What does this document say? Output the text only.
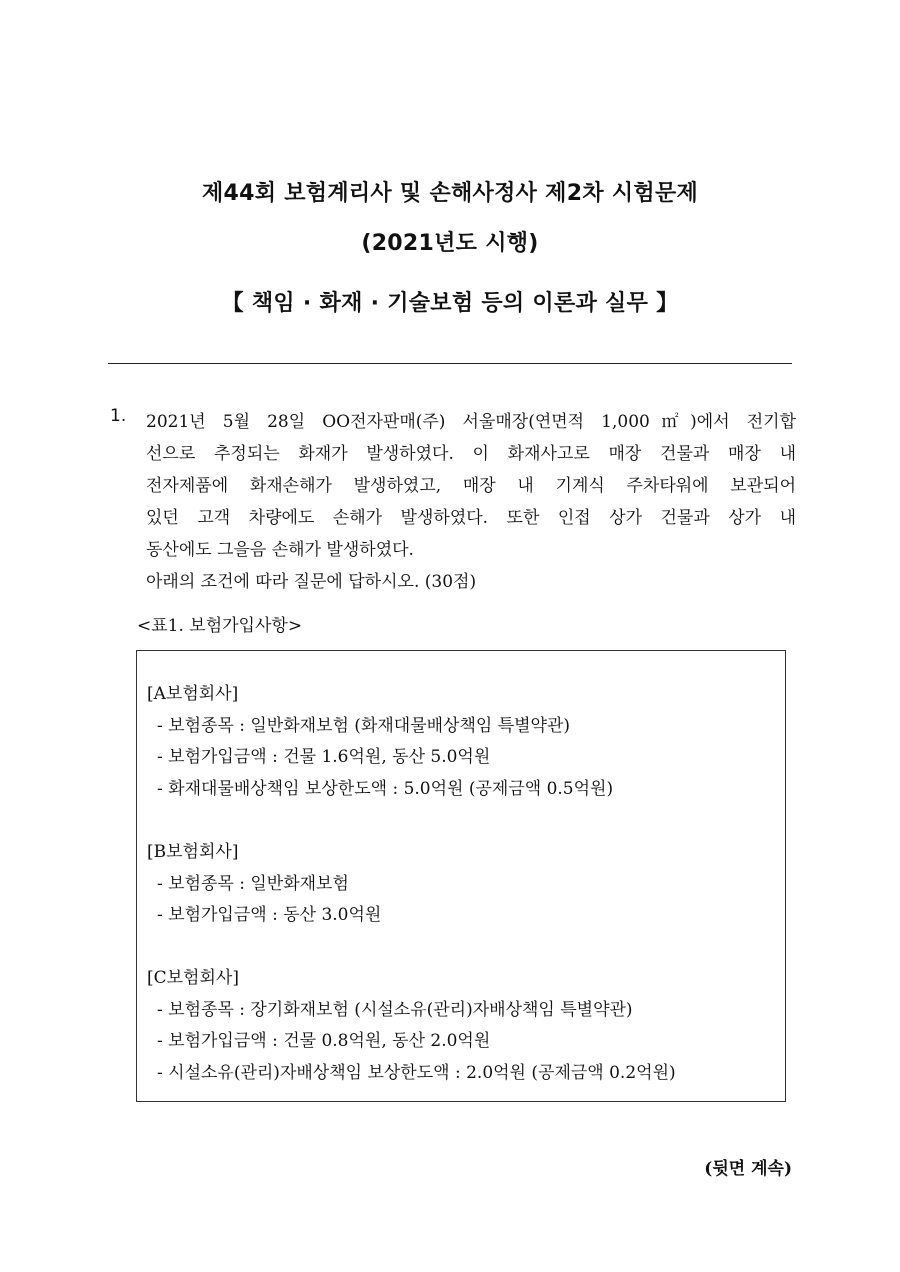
제44회 보험계리사 및 손해사정사 제2차 시험문제
(2021년도 시행)
【 책임 · 화재 · 기술보험 등의 이론과 실무 】
1. 2021년 5월 28일 OO전자판매(주) 서울매장(연면적 1,000㎡)에서 전기합
선으로 추정되는 화재가 발생하였다. 이 화재사고로 매장 건물과 매장 내
전자제품에 화재손해가 발생하였고, 매장 내 기계식 주차타워에 보관되어
있던 고객 차량에도 손해가 발생하였다. 또한 인접 상가 건물과 상가 내
동산에도 그을음 손해가 발생하였다.
아래의 조건에 따라 질문에 답하시오. (30점)
<표1. 보험가입사항>
[A보험회사]
- 보험종목 : 일반화재보험 (화재대물배상책임 특별약관)
- 보험가입금액 : 건물 1.6억원, 동산 5.0억원
- 화재대물배상책임 보상한도액 : 5.0억원 (공제금액 0.5억원)
[B보험회사]
- 보험종목 : 일반화재보험
- 보험가입금액 : 동산 3.0억원
[C보험회사]
- 보험종목 : 장기화재보험 (시설소유(관리)자배상책임 특별약관)
- 보험가입금액 : 건물 0.8억원, 동산 2.0억원
- 시설소유(관리)자배상책임 보상한도액 : 2.0억원 (공제금액 0.2억원)
(뒷면 계속)
